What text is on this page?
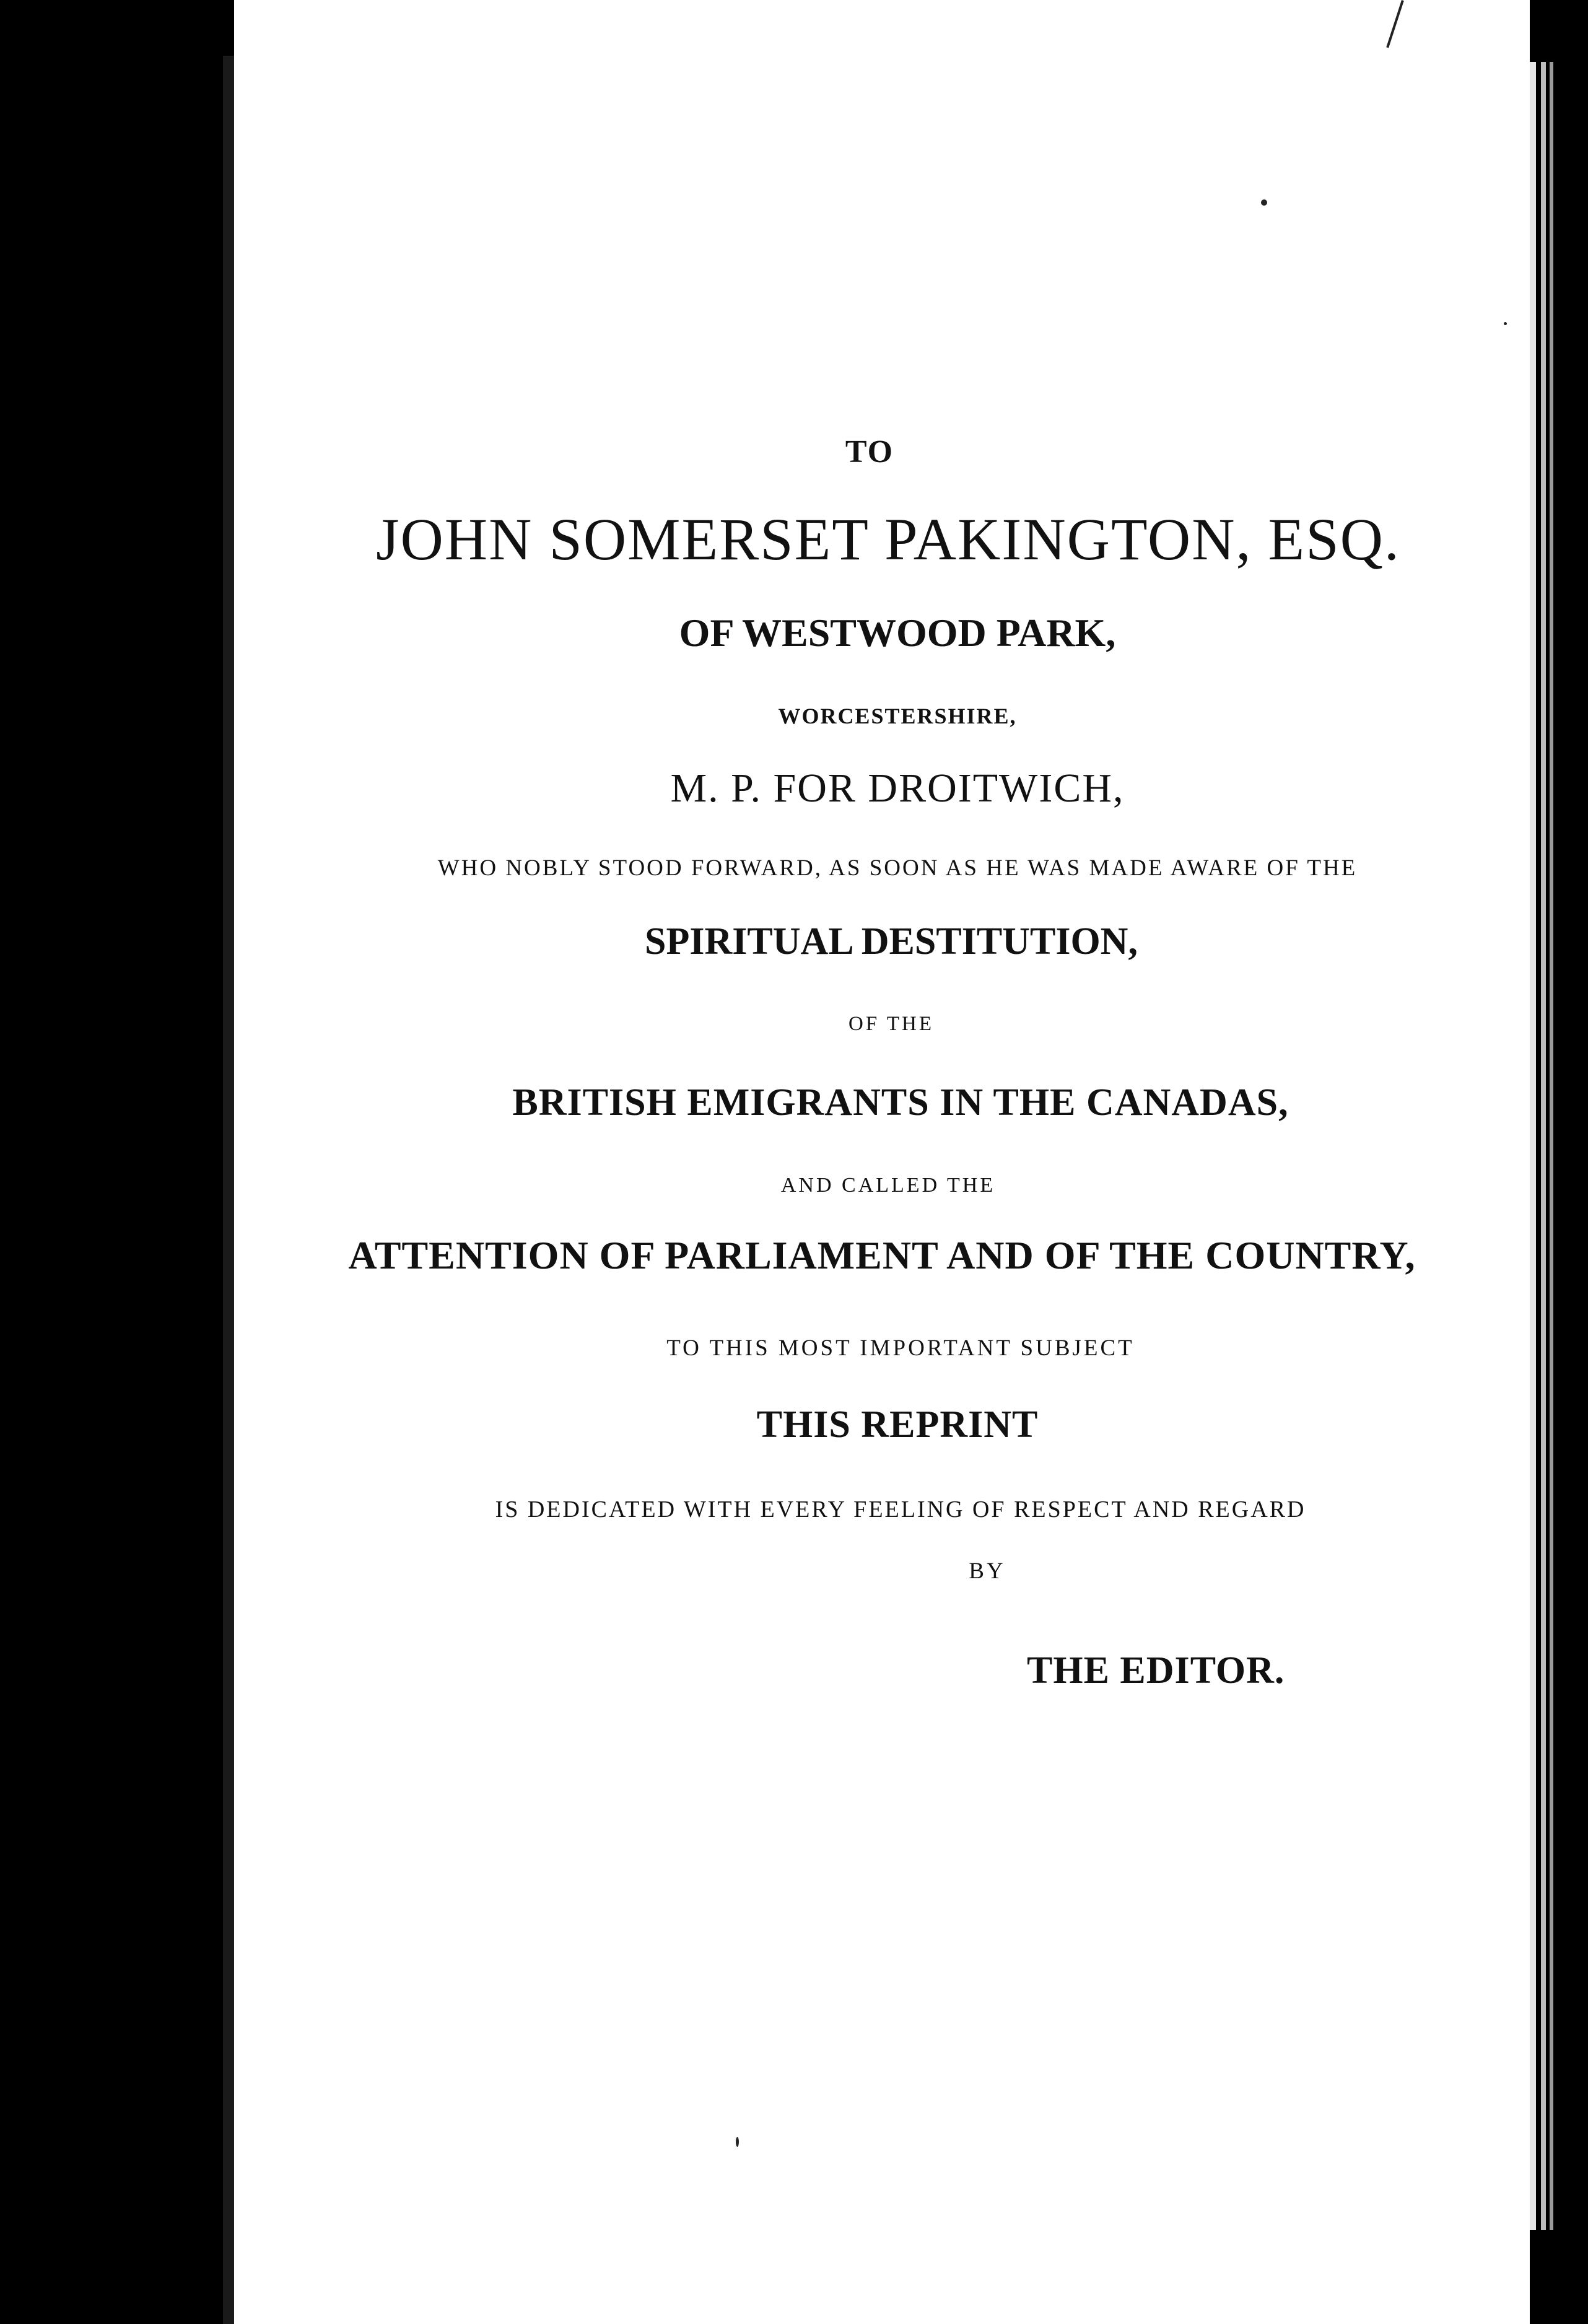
TO

JOHN SOMERSET PAKINGTON, ESQ.

OF WESTWOOD PARK,

WORCESTERSHIRE,

M. P. FOR DROITWICH,

WHO NOBLY STOOD FORWARD, AS SOON AS HE WAS MADE AWARE OF THE

SPIRITUAL DESTITUTION,

OF THE

BRITISH EMIGRANTS IN THE CANADAS,

AND CALLED THE

ATTENTION OF PARLIAMENT AND OF THE COUNTRY,

TO THIS MOST IMPORTANT SUBJECT

THIS REPRINT

IS DEDICATED WITH EVERY FEELING OF RESPECT AND REGARD

BY

THE EDITOR.
